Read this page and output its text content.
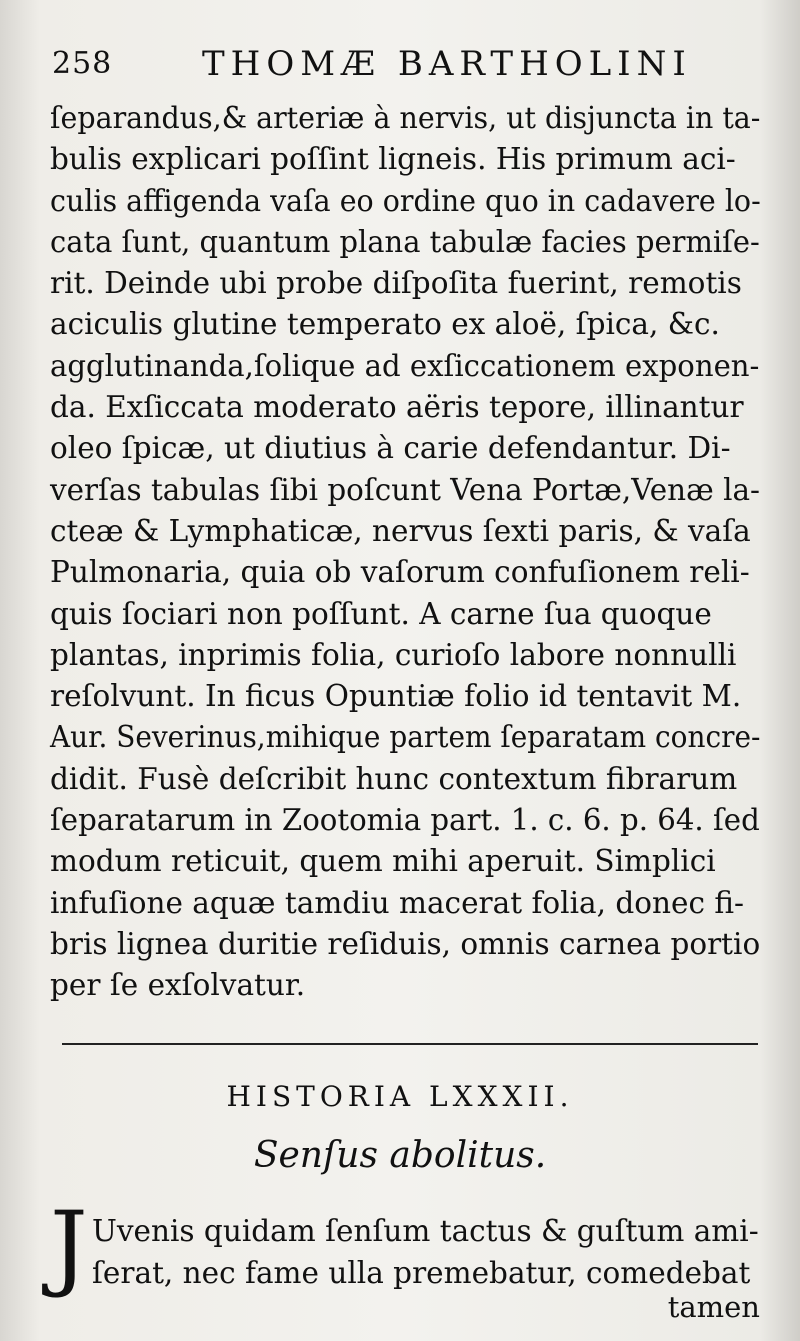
258	THOMÆ BARTHOLINI
ſeparandus,& arteriæ à nervis, ut disjuncta in ta-
bulis explicari poſſint ligneis. His primum aci-
culis affigenda vaſa eo ordine quo in cadavere lo-
cata ſunt, quantum plana tabulæ facies permiſe-
rit. Deinde ubi probe diſpoſita fuerint, remotis
aciculis glutine temperato ex aloë, ſpica, &c.
agglutinanda,ſolique ad exſiccationem exponen-
da. Exſiccata moderato aëris tepore, illinantur
oleo ſpicæ, ut diutius à carie defendantur. Di-
verſas tabulas ſibi poſcunt Vena Portæ,Venæ la-
cteæ & Lymphaticæ, nervus ſexti paris, & vaſa
Pulmonaria, quia ob vaſorum confuſionem reli-
quis ſociari non poſſunt. A carne ſua quoque
plantas, inprimis folia, curioſo labore nonnulli
reſolvunt. In ficus Opuntiæ folio id tentavit M.
Aur. Severinus,mihique partem ſeparatam concre-
didit. Fusè deſcribit hunc contextum fibrarum
ſeparatarum in Zootomia part. 1. c. 6. p. 64. ſed
modum reticuit, quem mihi aperuit. Simplici
infuſione aquæ tamdiu macerat folia, donec fi-
bris lignea duritie reſiduis, omnis carnea portio
per ſe exſolvatur.
HISTORIA LXXXII.
Senſus abolitus.
J Uvenis quidam ſenſum tactus & guſtum ami-
ſerat, nec fame ulla premebatur, comedebat
tamen
